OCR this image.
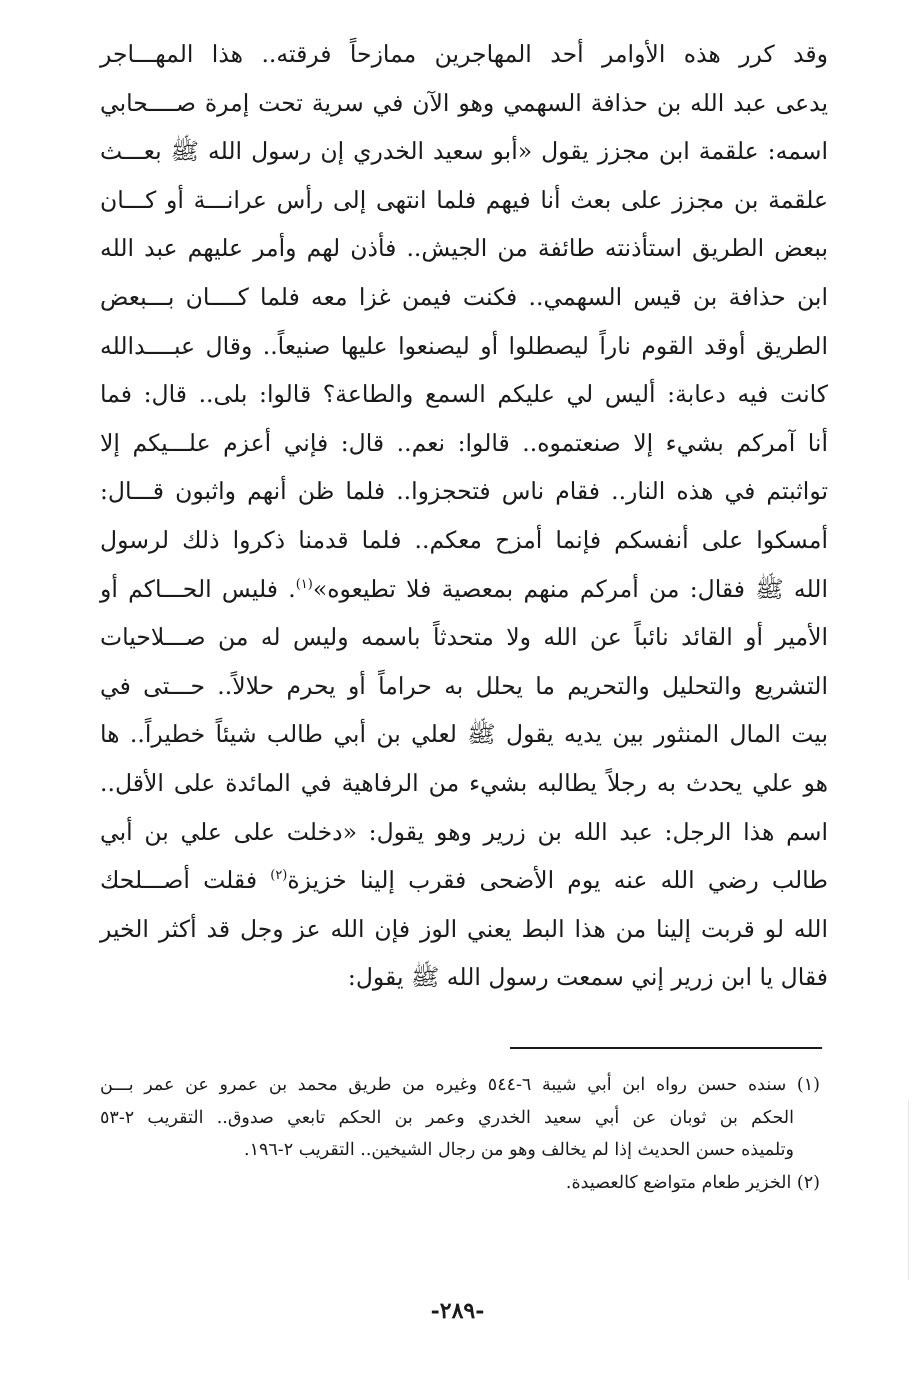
وقد كرر هذه الأوامر أحد المهاجرين ممازحاً فرقته.. هذا المهـــاجر
يدعى عبد الله بن حذافة السهمي وهو الآن في سرية تحت إمرة صــــحابي
اسمه: علقمة ابن مجزز يقول «أبو سعيد الخدري إن رسول الله ﷺ بعـــث
علقمة بن مجزز على بعث أنا فيهم فلما انتهى إلى رأس عرانـــة أو كـــان
ببعض الطريق استأذنته طائفة من الجيش.. فأذن لهم وأمر عليهم عبد الله
ابن حذافة بن قيس السهمي.. فكنت فيمن غزا معه فلما كــــان بـــبعض
الطريق أوقد القوم ناراً ليصطلوا أو ليصنعوا عليها صنيعاً.. وقال عبــــدالله
كانت فيه دعابة: أليس لي عليكم السمع والطاعة؟ قالوا: بلى.. قال: فما
أنا آمركم بشيء إلا صنعتموه.. قالوا: نعم.. قال: فإني أعزم علـــيكم إلا
تواثبتم في هذه النار.. فقام ناس فتحجزوا.. فلما ظن أنهم واثبون قـــال:
أمسكوا على أنفسكم فإنما أمزح معكم.. فلما قدمنا ذكروا ذلك لرسول
الله ﷺ فقال: من أمركم منهم بمعصية فلا تطيعوه»$^{(١)}$. فليس الحـــاكم أو
الأمير أو القائد نائباً عن الله ولا متحدثاً باسمه وليس له من صـــلاحيات
التشريع والتحليل والتحريم ما يحلل به حراماً أو يحرم حلالاً.. حـــتى في
بيت المال المنثور بين يديه يقول ﷺ لعلي بن أبي طالب شيئاً خطيراً.. ها
هو علي يحدث به رجلاً يطالبه بشيء من الرفاهية في المائدة على الأقل..
اسم هذا الرجل: عبد الله بن زرير وهو يقول: «دخلت على علي بن أبي
طالب رضي الله عنه يوم الأضحى فقرب إلينا خزيزة$^{(٢)}$ فقلت أصـــلحك
الله لو قربت إلينا من هذا البط يعني الوز فإن الله عز وجل قد أكثر الخير
فقال يا ابن زرير إني سمعت رسول الله ﷺ يقول:
(١) سنده حسن رواه ابن أبي شيبة ٦-٥٤٤ وغيره من طريق محمد بن عمرو عن عمر بـــن
الحكم بن ثوبان عن أبي سعيد الخدري وعمر بن الحكم تابعي صدوق.. التقريب ٢-٥٣
وتلميذه حسن الحديث إذا لم يخالف وهو من رجال الشيخين.. التقريب ٢-١٩٦.
(٢) الخزير طعام متواضع كالعصيدة.
-٢٨٩-
